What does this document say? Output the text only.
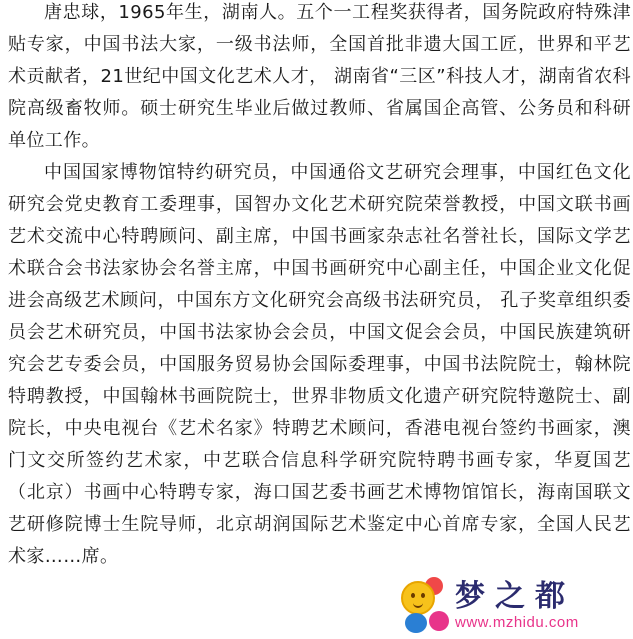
唐忠球，1965年生，湖南人。五个一工程奖获得者，国务院政府特殊津贴专家，中国书法大家，一级书法师，全国首批非遗大国工匠，世界和平艺术贡献者，21世纪中国文化艺术人才， 湖南省“三区”科技人才，湖南省农科院高级畜牧师。硕士研究生毕业后做过教师、省属国企高管、公务员和科研单位工作。

中国国家博物馆特约研究员，中国通俗文艺研究会理事，中国红色文化研究会党史教育工委理事，国智办文化艺术研究院荣誉教授，中国文联书画艺术交流中心特聘顾问、副主席，中国书画家杂志社名誉社长，国际文学艺术联合会书法家协会名誉主席，中国书画研究中心副主任，中国企业文化促进会高级艺术顾问，中国东方文化研究会高级书法研究员， 孔子奖章组织委员会艺术研究员，中国书法家协会会员，中国文促会会员，中国民族建筑研究会艺专委会员，中国服务贸易协会国际委理事，中国书法院院士，翰林院特聘教授，中国翰林书画院院士，世界非物质文化遗产研究院特邀院士、副院长，中央电视台《艺术名家》特聘艺术顾问，香港电视台签约书画家，澳门文交所签约艺术家，中艺联合信息科学研究院特聘书画专家，华夏国艺（北京）书画中心特聘专家，海口国艺委书画艺术博物馆馆长，海南国联文艺研修院博士生院导师，北京胡润国际艺术鉴定中心首席专家，全国人民艺术家……席。

梦之都

www.mzhidu.com
